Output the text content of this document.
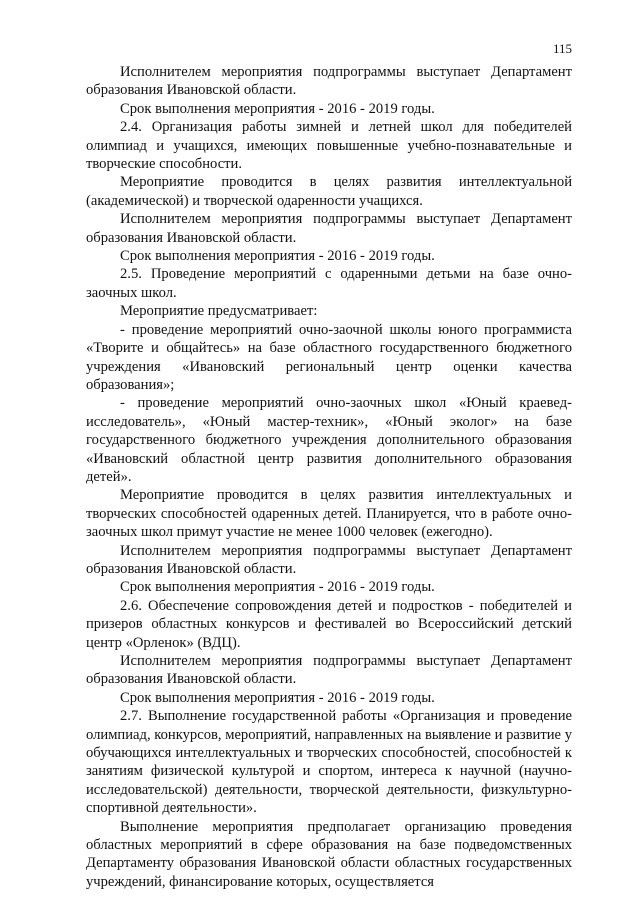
115

Исполнителем мероприятия подпрограммы выступает Департамент образования Ивановской области.

Срок выполнения мероприятия - 2016 - 2019 годы.

2.4. Организация работы зимней и летней школ для победителей олимпиад и учащихся, имеющих повышенные учебно-познавательные и творческие способности.

Мероприятие проводится в целях развития интеллектуальной (академической) и творческой одаренности учащихся.

Исполнителем мероприятия подпрограммы выступает Департамент образования Ивановской области.

Срок выполнения мероприятия - 2016 - 2019 годы.

2.5. Проведение мероприятий с одаренными детьми на базе очно-заочных школ.

Мероприятие предусматривает:

- проведение мероприятий очно-заочной школы юного программиста «Творите и общайтесь» на базе областного государственного бюджетного учреждения «Ивановский региональный центр оценки качества образования»;

- проведение мероприятий очно-заочных школ «Юный краевед-исследователь», «Юный мастер-техник», «Юный эколог» на базе государственного бюджетного учреждения дополнительного образования «Ивановский областной центр развития дополнительного образования детей».

Мероприятие проводится в целях развития интеллектуальных и творческих способностей одаренных детей. Планируется, что в работе очно-заочных школ примут участие не менее 1000 человек (ежегодно).

Исполнителем мероприятия подпрограммы выступает Департамент образования Ивановской области.

Срок выполнения мероприятия - 2016 - 2019 годы.

2.6. Обеспечение сопровождения детей и подростков - победителей и призеров областных конкурсов и фестивалей во Всероссийский детский центр «Орленок» (ВДЦ).

Исполнителем мероприятия подпрограммы выступает Департамент образования Ивановской области.

Срок выполнения мероприятия - 2016 - 2019 годы.

2.7. Выполнение государственной работы «Организация и проведение олимпиад, конкурсов, мероприятий, направленных на выявление и развитие у обучающихся интеллектуальных и творческих способностей, способностей к занятиям физической культурой и спортом, интереса к научной (научно-исследовательской) деятельности, творческой деятельности, физкультурно-спортивной деятельности».

Выполнение мероприятия предполагает организацию проведения областных мероприятий в сфере образования на базе подведомственных Департаменту образования Ивановской области областных государственных учреждений, финансирование которых, осуществляется
